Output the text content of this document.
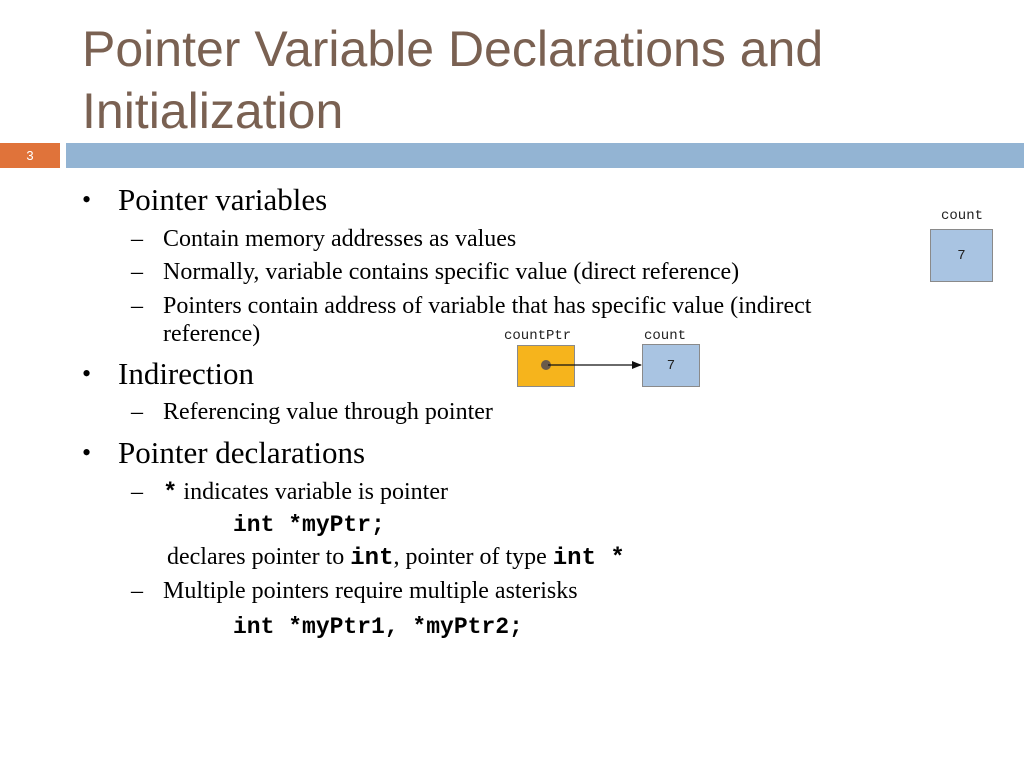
Pointer Variable Declarations and
Initialization
3
• Pointer variables
– Contain memory addresses as values
– Normally, variable contains specific value (direct reference)
– Pointers contain address of variable that has specific value (indirect
reference)
• Indirection
– Referencing value through pointer
• Pointer declarations
– * indicates variable is pointer
int *myPtr;
declares pointer to int, pointer of type int *
– Multiple pointers require multiple asterisks
int *myPtr1, *myPtr2;
count
7
countPtr	count
7
